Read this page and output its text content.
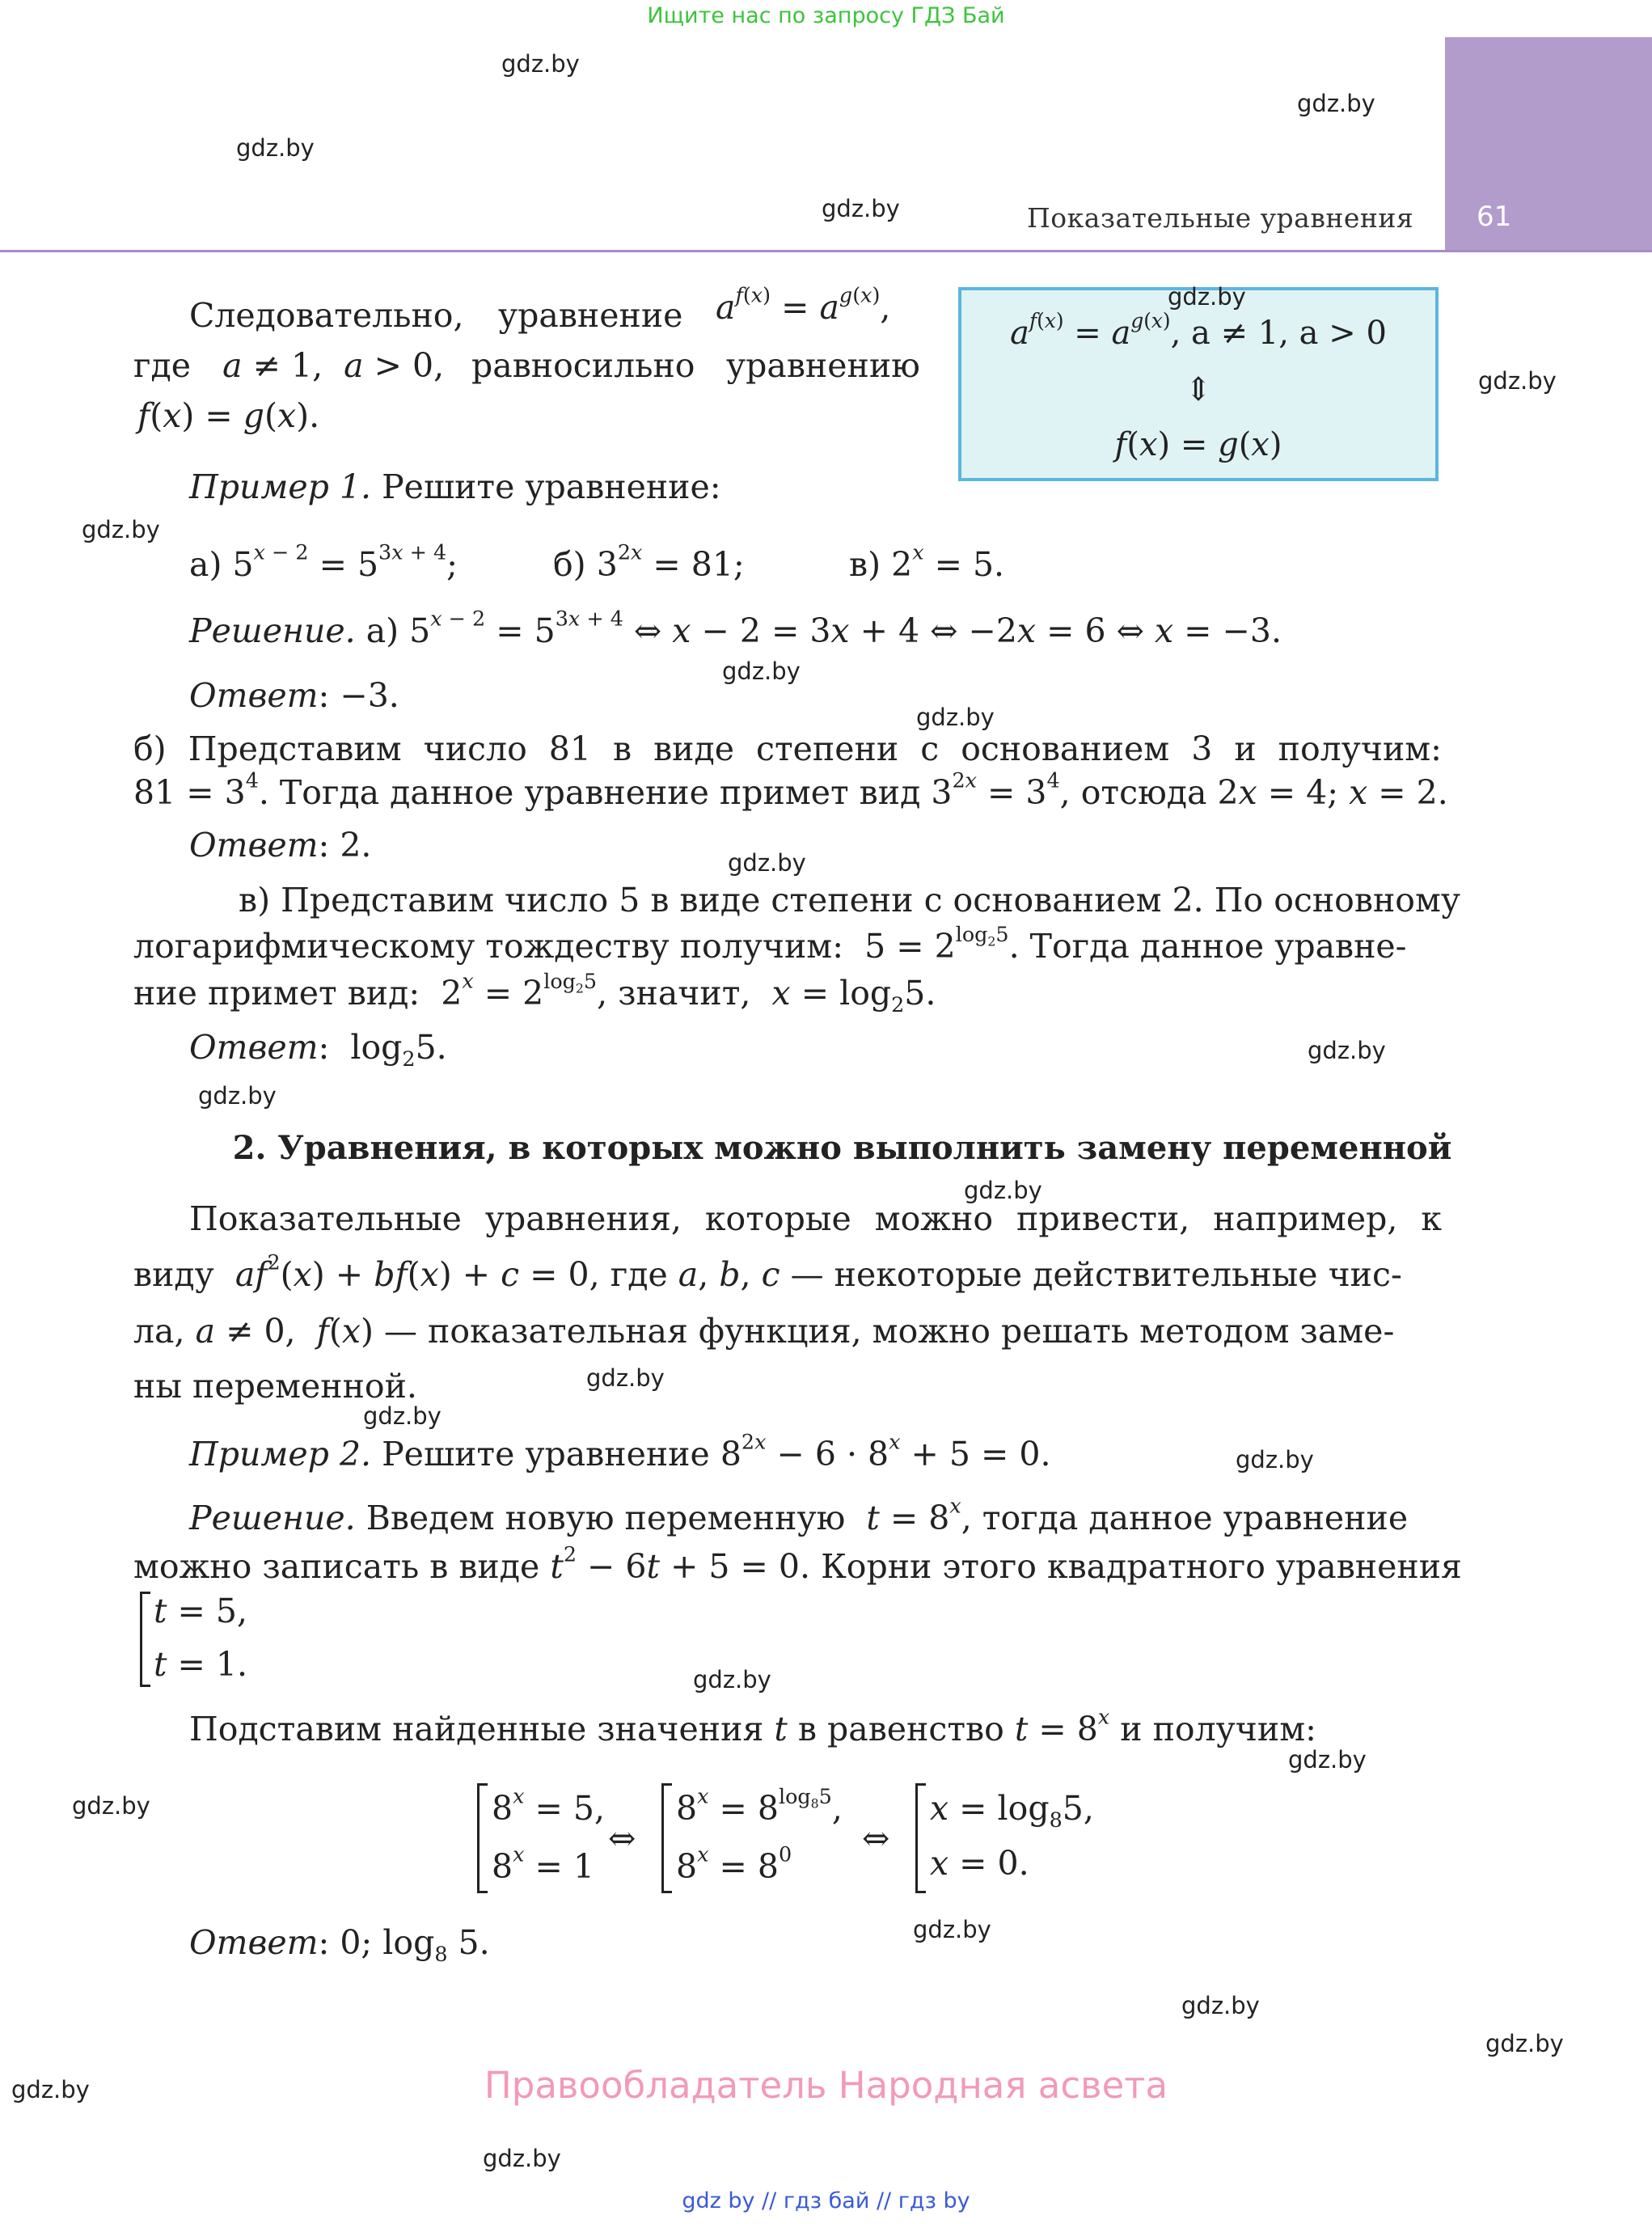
Ищите нас по запросу ГДЗ Бай
61
Показательные уравнения
gdz.by
gdz.by
gdz.by
gdz.by
gdz.by
gdz.by
gdz.by
gdz.by
gdz.by
gdz.by
gdz.by
gdz.by
gdz.by
gdz.by
gdz.by
gdz.by
gdz.by
gdz.by
gdz.by
gdz.by
gdz.by
gdz.by
gdz.by
gdz.by
$a^{f(x)} = a^{g(x)}$, a ≠ 1, a > 0
⇕
f(x) = g(x)
Следовательно, уравнение $a^{f(x)} = a^{g(x)}$,
где a ≠ 1,  a > 0, равносильно уравнению
f(x) = g(x).
Пример 1. Решите уравнение:
а) $5^{x - 2} = 5^{3x + 4}$;	б) $3^{2x} = 81$;	в) $2^x = 5$.
Решение. а) $5^{x - 2} = 5^{3x + 4}$ ⇔ x − 2 = 3x + 4 ⇔ −2x = 6 ⇔ x = −3.
Ответ: −3.
б) Представим число 81 в виде степени с основанием 3 и получим:
$81 = 3^4$. Тогда данное уравнение примет вид $3^{2x} = 3^4$, отсюда 2x = 4; x = 2.
Ответ: 2.
в) Представим число 5 в виде степени с основанием 2. По основному
логарифмическому тождеству получим:  $5 = 2^{log_25}$. Тогда данное уравне-
ние примет вид:  $2^x = 2^{log_25}$, значит, $x = \log_25$.
Ответ:  $\log_25$.
2. Уравнения, в которых можно выполнить замену переменной
Показательные уравнения, которые можно привести, например, к
виду $af^2(x) + bf(x) + c = 0$, где a, b, c — некоторые действительные чис-
ла, a ≠ 0,  f(x) — показательная функция, можно решать методом заме-
ны переменной.
Пример 2. Решите уравнение $8^{2x} - 6 \cdot 8^x + 5 = 0$.
Решение. Введем новую переменную $t = 8^x$, тогда данное уравнение
можно записать в виде $t^2 - 6t + 5 = 0$. Корни этого квадратного уравнения
t = 5,
t = 1.
Подставим найденные значения t в равенство $t = 8^x$ и получим:
$8^x = 5$,
$8^x = 1$
⇔
$8^x = 8^{log_85}$,
$8^x = 8^0$ ⇔
$x = \log_85$,
x = 0.
Ответ: 0; $\log_8 5$.
Правообладатель Народная асвета
gdz by // гдз бай // гдз by
